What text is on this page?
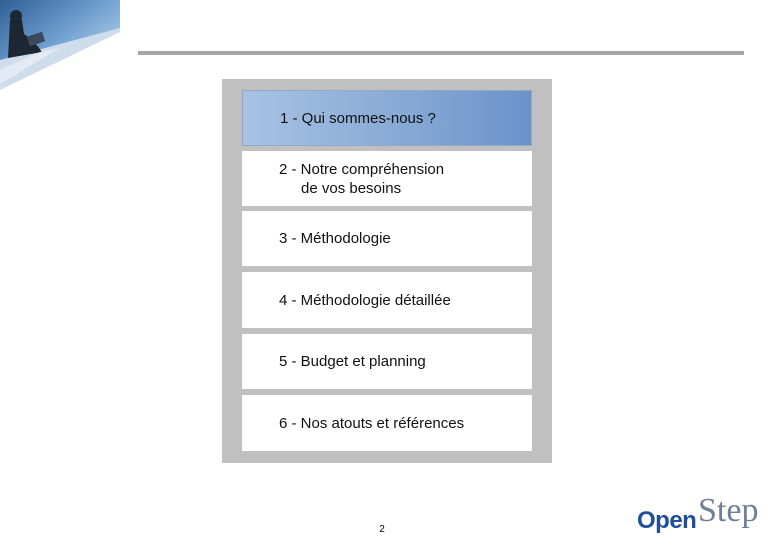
1 - Qui sommes-nous ?
2 - Notre compréhension
de vos besoins
3 - Méthodologie
4 - Méthodologie détaillée
5 - Budget et planning
6 - Nos atouts et références
2	Open Step
